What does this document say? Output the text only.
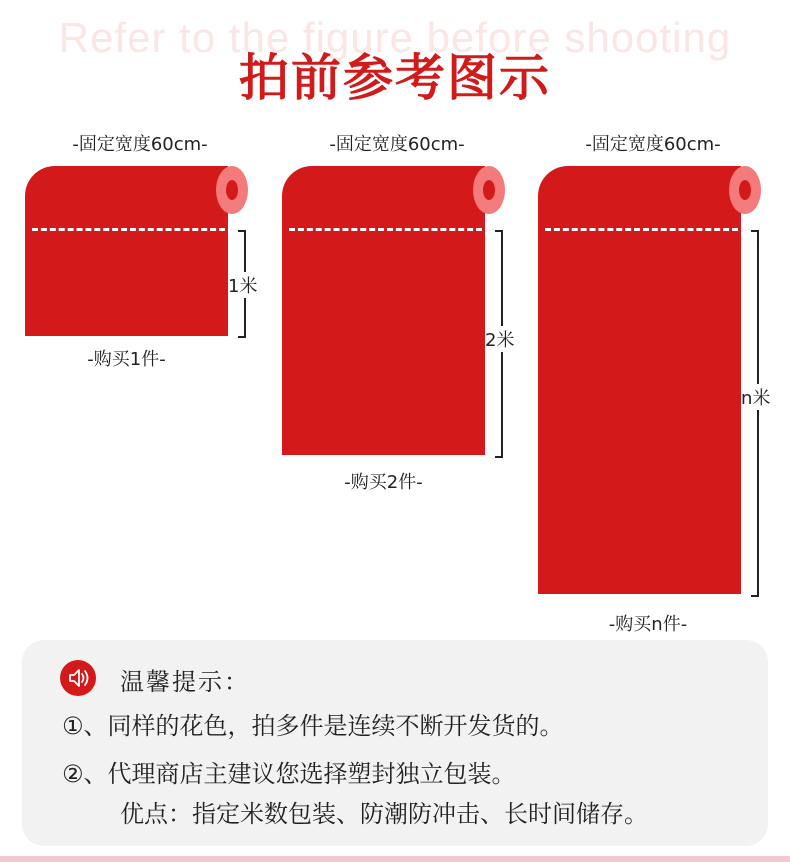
Refer to the figure before shooting
拍前参考图示
-固定宽度60cm-
1米
-购买1件-
-固定宽度60cm-
2米
-购买2件-
-固定宽度60cm-
n米
-购买n件-
温馨提示：
①、同样的花色，拍多件是连续不断开发货的。
②、代理商店主建议您选择塑封独立包装。
优点：指定米数包装、防潮防冲击、长时间储存。
